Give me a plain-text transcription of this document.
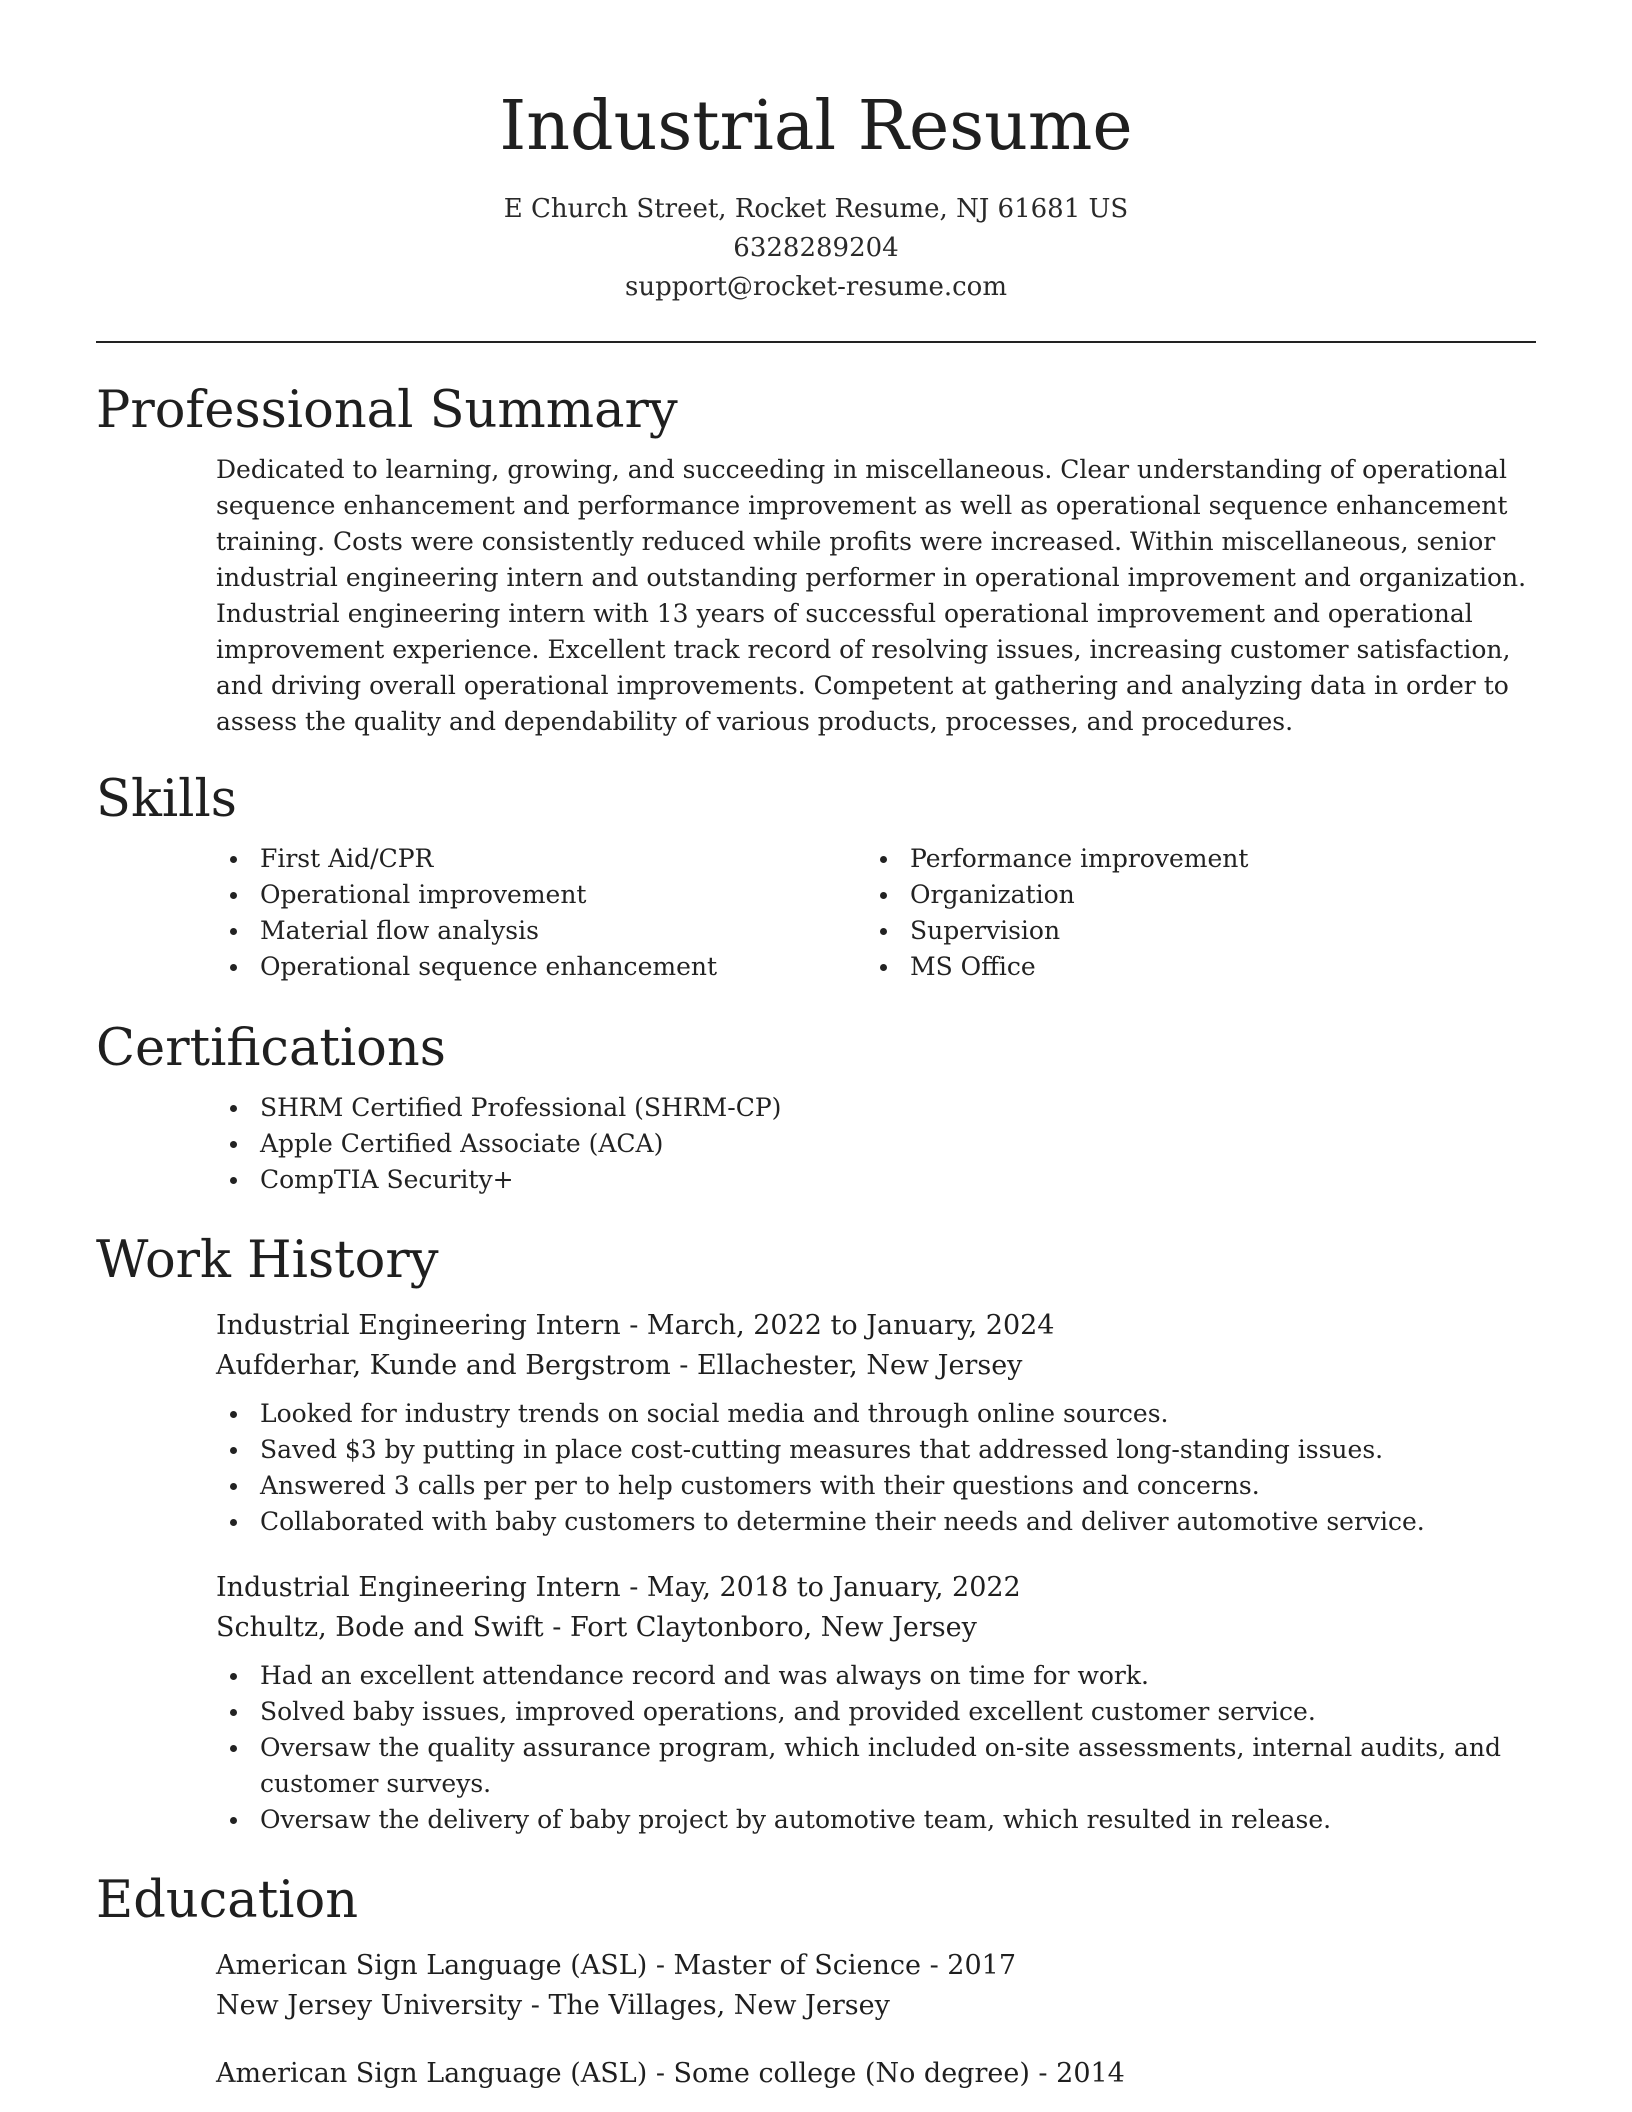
Industrial Resume
E Church Street, Rocket Resume, NJ 61681 US
6328289204
support@rocket-resume.com
Professional Summary

Dedicated to learning, growing, and succeeding in miscellaneous. Clear understanding of operational sequence enhancement and performance improvement as well as operational sequence enhancement training. Costs were consistently reduced while profits were increased. Within miscellaneous, senior industrial engineering intern and outstanding performer in operational improvement and organization. Industrial engineering intern with 13 years of successful operational improvement and operational improvement experience. Excellent track record of resolving issues, increasing customer satisfaction, and driving overall operational improvements. Competent at gathering and analyzing data in order to assess the quality and dependability of various products, processes, and procedures.

Skills
First Aid/CPR
Operational improvement
Material flow analysis
Operational sequence enhancement
Performance improvement
Organization
Supervision
MS Office
Certifications
SHRM Certified Professional (SHRM-CP)
Apple Certified Associate (ACA)
CompTIA Security+
Work History
Industrial Engineering Intern - March, 2022 to January, 2024
Aufderhar, Kunde and Bergstrom - Ellachester, New Jersey
Looked for industry trends on social media and through online sources.
Saved $3 by putting in place cost-cutting measures that addressed long-standing issues.
Answered 3 calls per per to help customers with their questions and concerns.
Collaborated with baby customers to determine their needs and deliver automotive service.
Industrial Engineering Intern - May, 2018 to January, 2022
Schultz, Bode and Swift - Fort Claytonboro, New Jersey
Had an excellent attendance record and was always on time for work.
Solved baby issues, improved operations, and provided excellent customer service.
Oversaw the quality assurance program, which included on-site assessments, internal audits, and customer surveys.
Oversaw the delivery of baby project by automotive team, which resulted in release.
Education
American Sign Language (ASL) - Master of Science - 2017
New Jersey University - The Villages, New Jersey
American Sign Language (ASL) - Some college (No degree) - 2014
